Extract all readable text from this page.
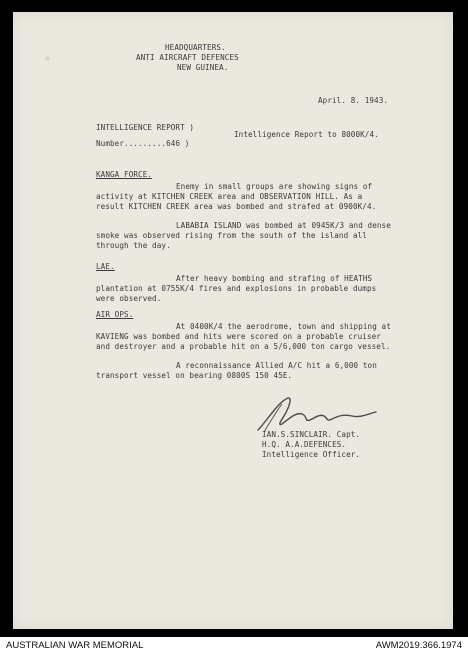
HEADQUARTERS.
ANTI AIRCRAFT DEFENCES
NEW GUINEA.
April. 8. 1943.
INTELLIGENCE REPORT )
Intelligence Report to 8000K/4.
Number.........646 )
KANGA FORCE.
Enemy in small groups are showing signs of
activity at KITCHEN CREEK area and OBSERVATION HILL. As a
result KITCHEN CREEK area was bombed and strafed at 0900K/4.
LABABIA ISLAND was bombed at 0945K/3 and dense
smoke was observed rising from the south of the island all
through the day.
LAE.
After heavy bombing and strafing of HEATHS
plantation at 0755K/4 fires and explosions in probable dumps
were observed.
AIR OPS.
At 0400K/4 the aerodrome, town and shipping at
KAVIENG was bombed and hits were scored on a probable cruiser
and destroyer and a probable hit on a 5/6,000 ton cargo vessel.
A reconnaissance Allied A/C hit a 6,000 ton
transport vessel on bearing 0800S 150 45E.
IAN.S.SINCLAIR. Capt.
H.Q. A.A.DEFENCES.
Intelligence Officer.
AUSTRALIAN WAR MEMORIAL	AWM2019.366.1974
